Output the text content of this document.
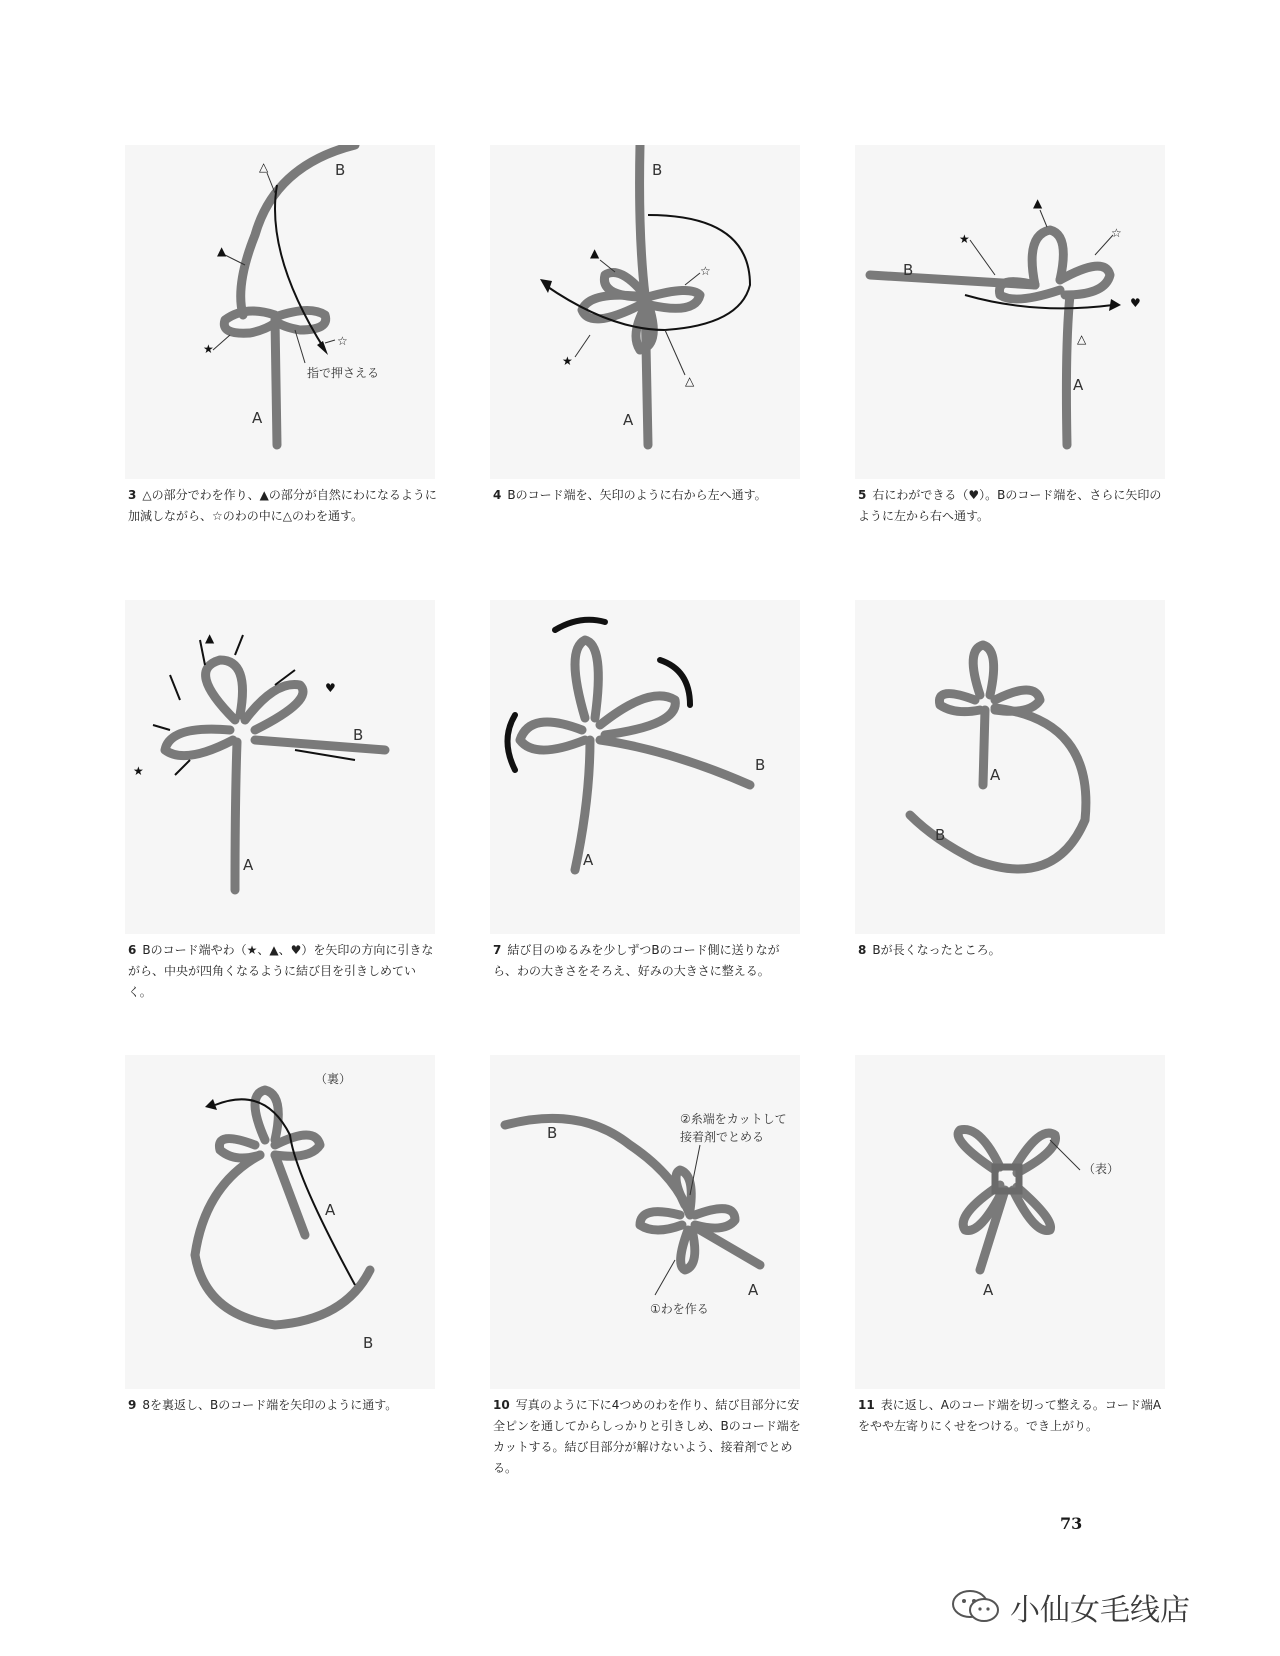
B
A
△
▲
★
☆
指で押さえる
3 △の部分でわを作り、▲の部分が自然にわになるように加減しながら、☆のわの中に△のわを通す。
B
A
▲
★
☆
△
4 Bのコード端を、矢印のように右から左へ通す。
B
A
▲
★	☆
♥
△
5 右にわができる（♥）。Bのコード端を、さらに矢印のように左から右へ通す。
B
A
▲
★
♥
6 Bのコード端やわ（★、▲、♥）を矢印の方向に引きながら、中央が四角くなるように結び目を引きしめていく。
B
A
7 結び目のゆるみを少しずつBのコード側に送りながら、わの大きさをそろえ、好みの大きさに整える。
A
B
8 Bが長くなったところ。
A
B
（裏）
9 8を裏返し、Bのコード端を矢印のように通す。
B
A
②糸端をカットして
接着剤でとめる
①わを作る
10 写真のように下に4つめのわを作り、結び目部分に安全ピンを通してからしっかりと引きしめ、Bのコード端をカットする。結び目部分が解けないよう、接着剤でとめる。
（表）
A
11 表に返し、Aのコード端を切って整える。コード端Aをやや左寄りにくせをつける。でき上がり。
73
小仙女毛线店
